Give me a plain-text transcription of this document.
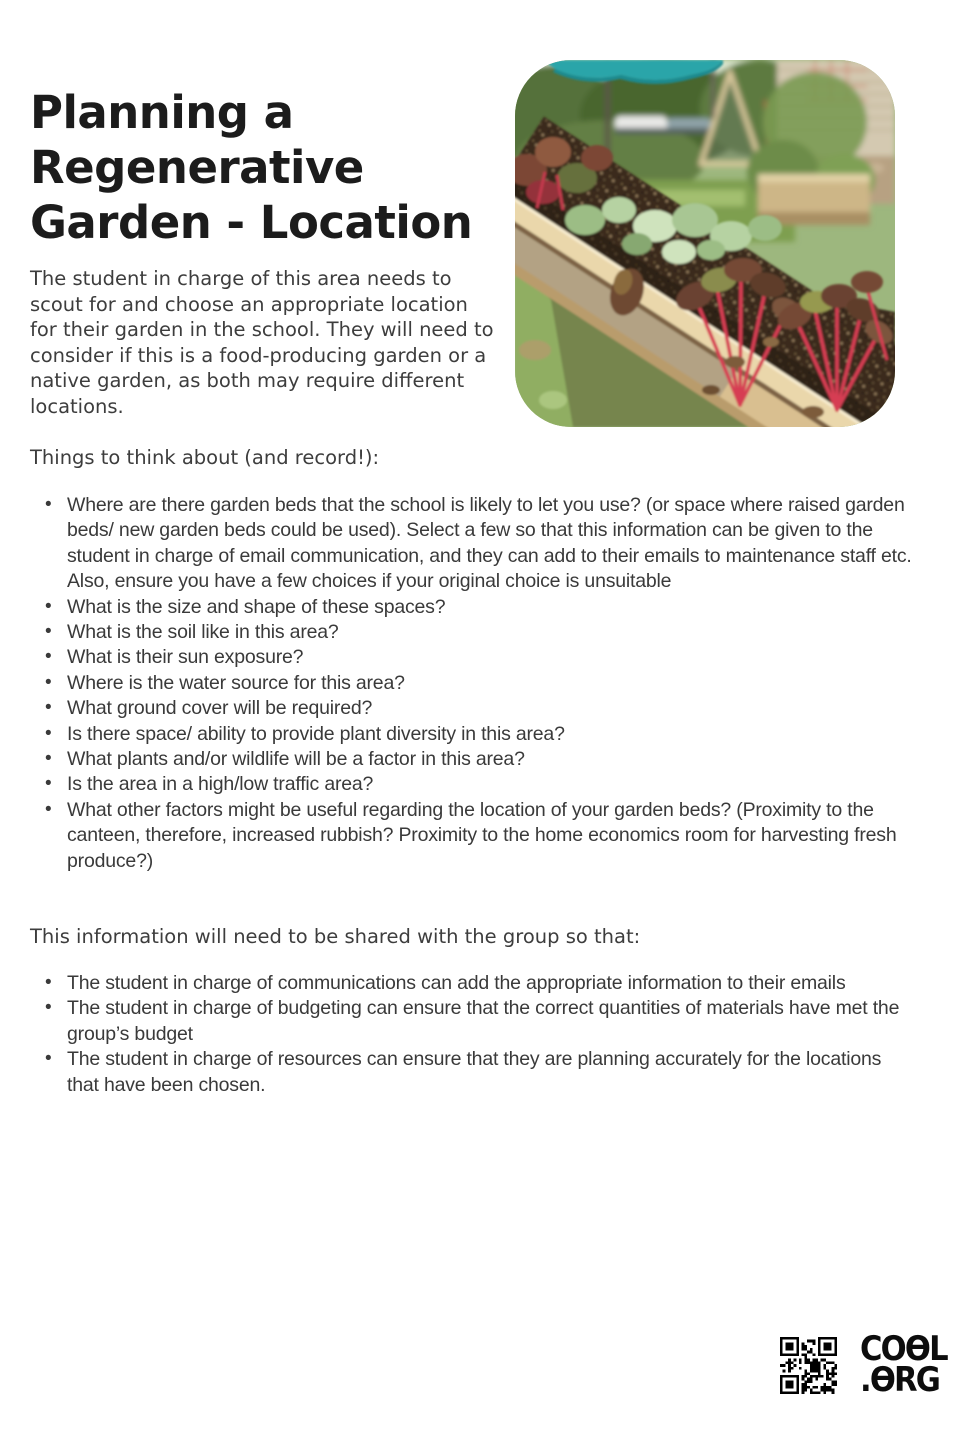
Planning a Regenerative Garden - Location

The student in charge of this area needs to scout for and choose an appropriate location for their garden in the school. They will need to consider if this is a food-producing garden or a native garden, as both may require different locations.

Things to think about (and record!):
• Where are there garden beds that the school is likely to let you use? (or space where raised garden beds/ new garden beds could be used). Select a few so that this information can be given to the student in charge of email communication, and they can add to their emails to maintenance staff etc. Also, ensure you have a few choices if your original choice is unsuitable
• What is the size and shape of these spaces?
• What is the soil like in this area?
• What is their sun exposure?
• Where is the water source for this area?
• What ground cover will be required?
• Is there space/ ability to provide plant diversity in this area?
• What plants and/or wildlife will be a factor in this area?
• Is the area in a high/low traffic area?
• What other factors might be useful regarding the location of your garden beds? (Proximity to the canteen, therefore, increased rubbish? Proximity to the home economics room for harvesting fresh produce?)
This information will need to be shared with the group so that:
• The student in charge of communications can add the appropriate information to their emails
• The student in charge of budgeting can ensure that the correct quantities of materials have met the group’s budget
• The student in charge of resources can ensure that they are planning accurately for the locations that have been chosen.
COƟL
.ƟRG
